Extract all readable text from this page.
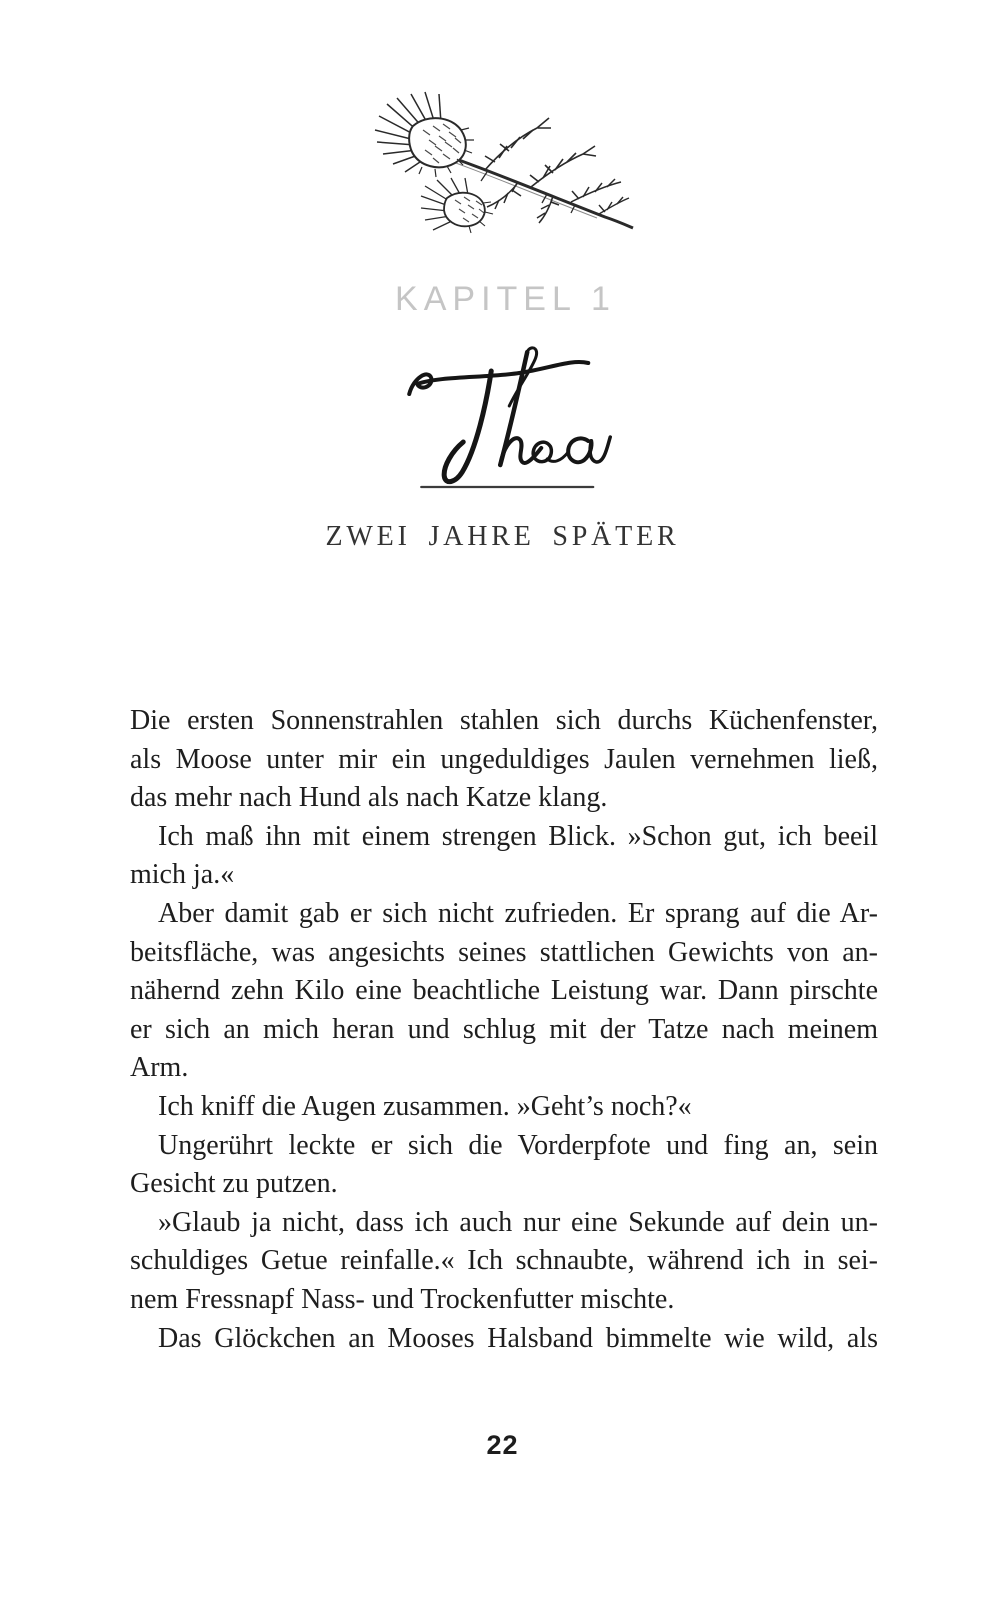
KAPITEL 1
ZWEI JAHRE SPÄTER
Die ersten Sonnenstrahlen stahlen sich durchs Küchenfenster,
als Moose unter mir ein ungeduldiges Jaulen vernehmen ließ,
das mehr nach Hund als nach Katze klang.
Ich maß ihn mit einem strengen Blick. »Schon gut, ich beeil
mich ja.«
Aber damit gab er sich nicht zufrieden. Er sprang auf die Ar-
beitsfläche, was angesichts seines stattlichen Gewichts von an-
nähernd zehn Kilo eine beachtliche Leistung war. Dann pirschte
er sich an mich heran und schlug mit der Tatze nach meinem
Arm.
Ich kniff die Augen zusammen. »Geht’s noch?«
Ungerührt leckte er sich die Vorderpfote und fing an, sein
Gesicht zu putzen.
»Glaub ja nicht, dass ich auch nur eine Sekunde auf dein un-
schuldiges Getue reinfalle.« Ich schnaubte, während ich in sei-
nem Fressnapf Nass- und Trockenfutter mischte.
Das Glöckchen an Mooses Halsband bimmelte wie wild, als
22
